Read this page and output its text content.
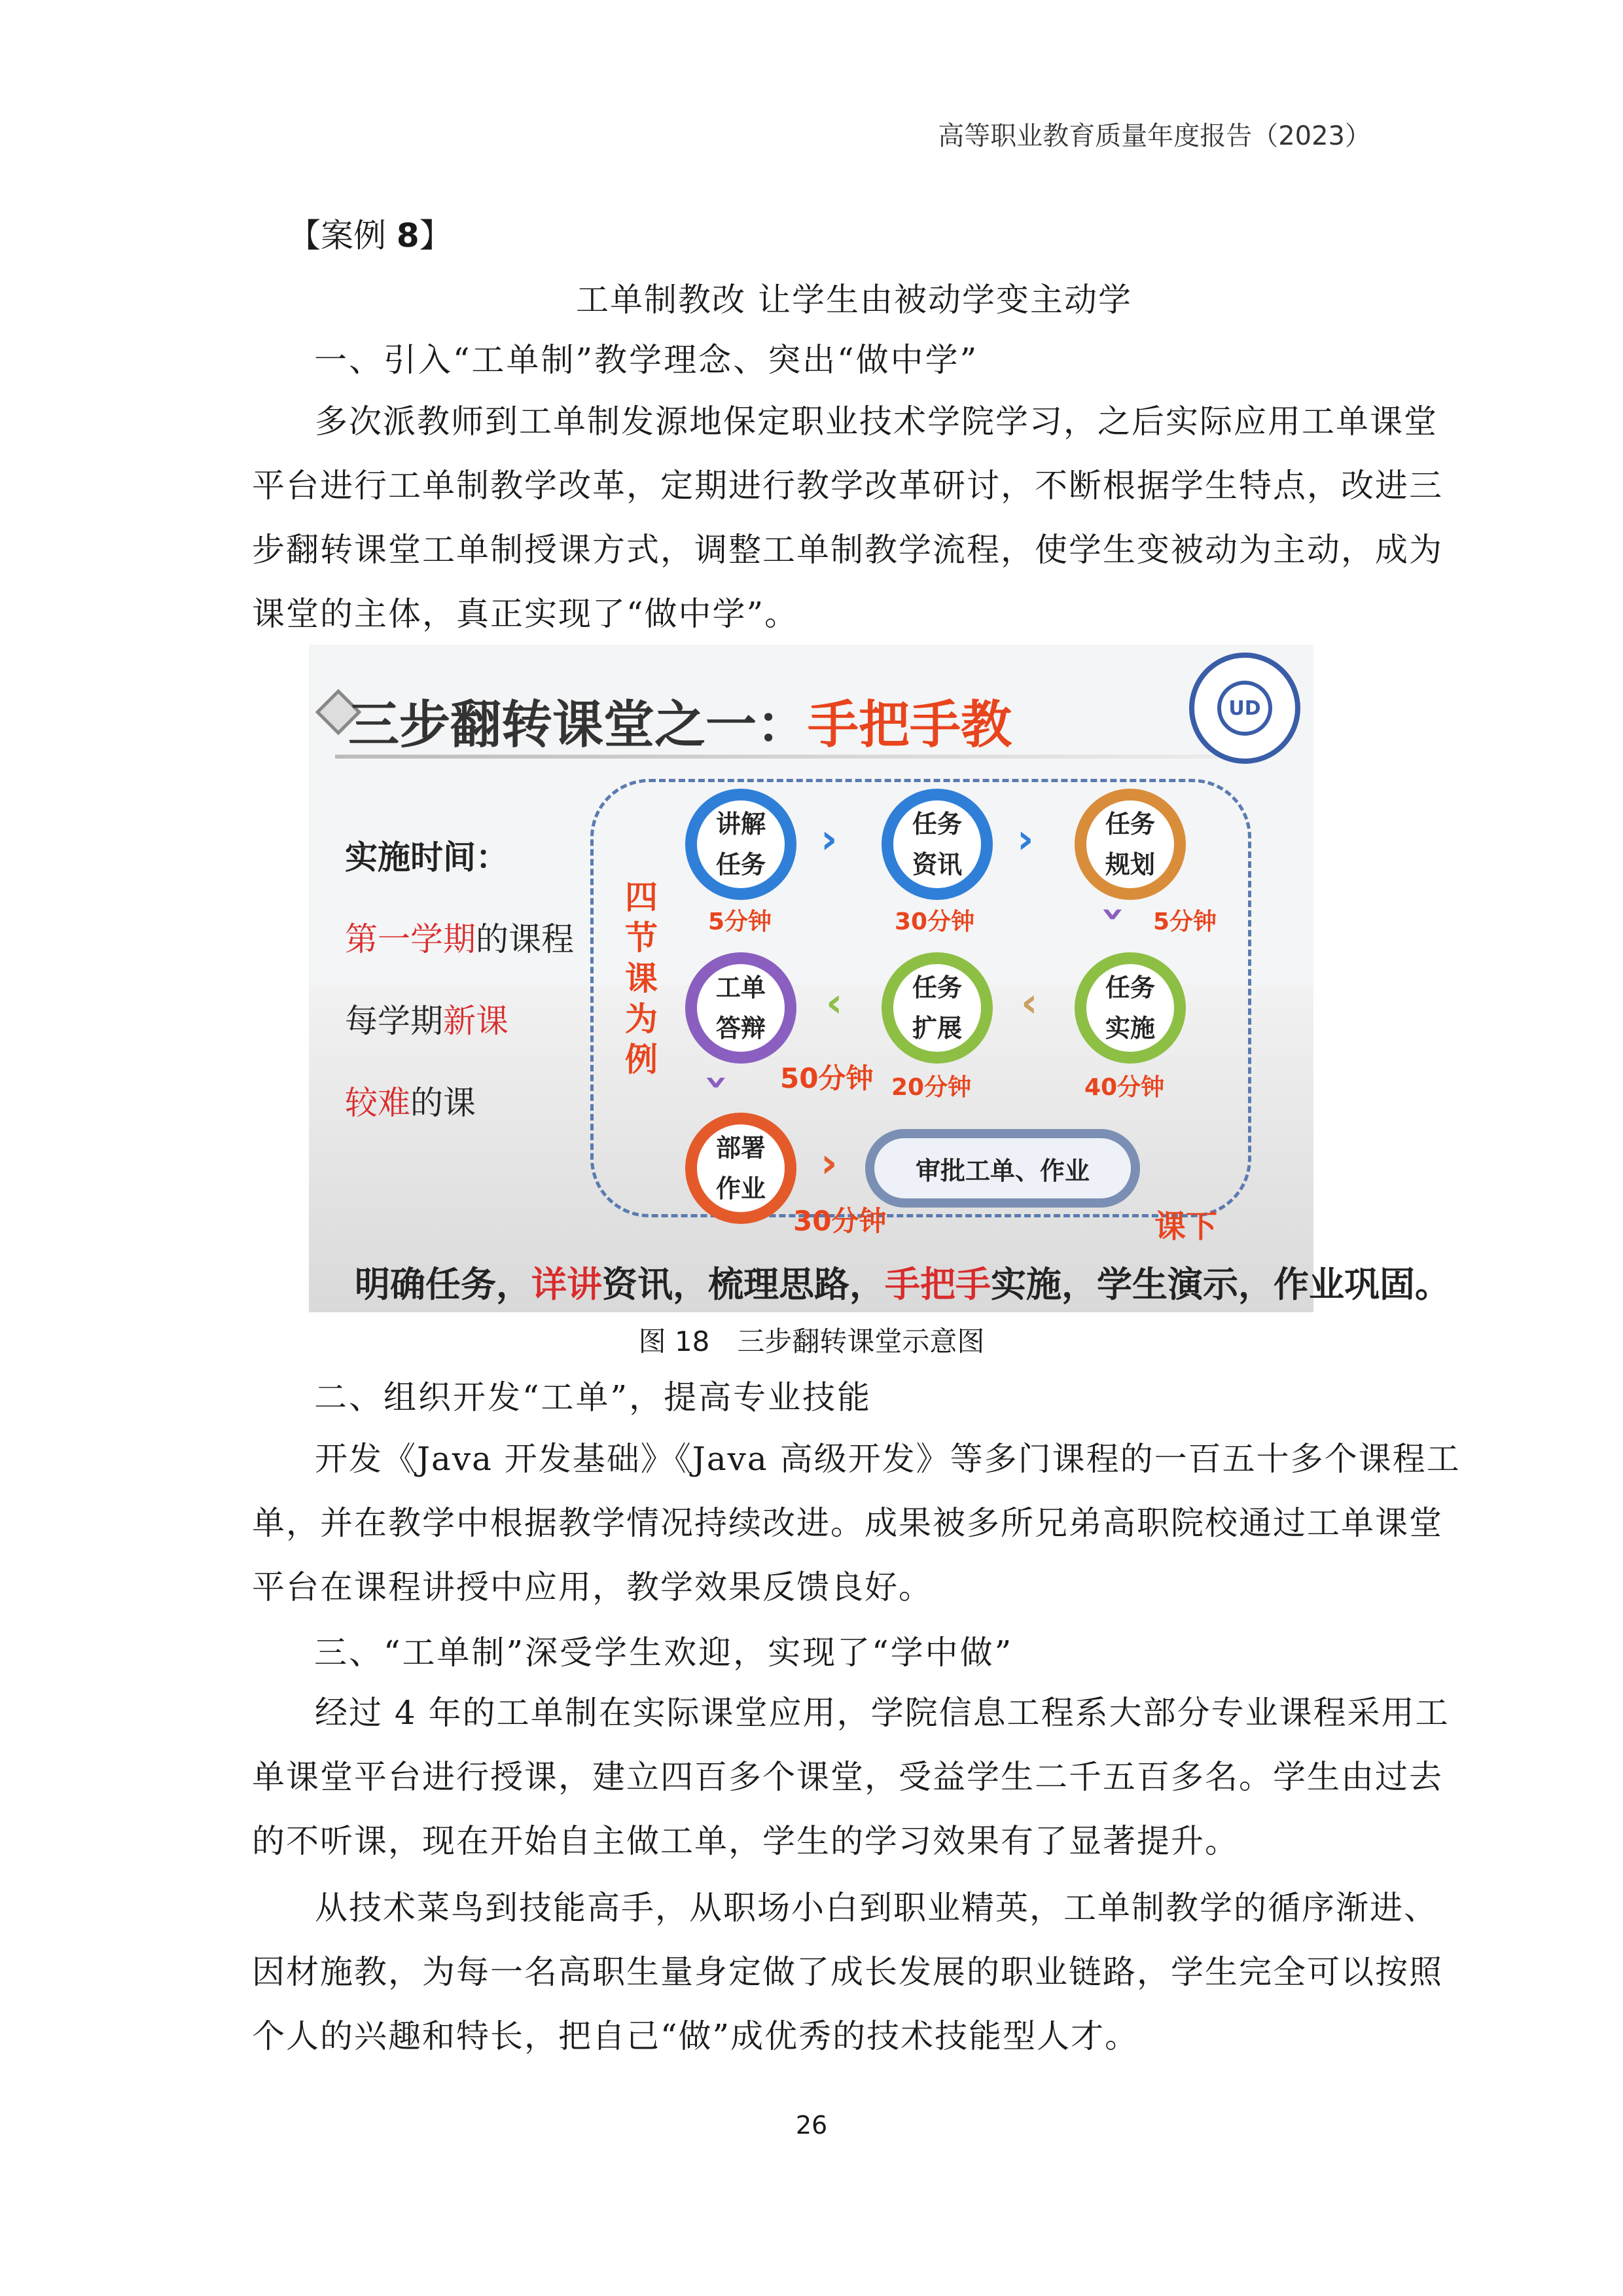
高等职业教育质量年度报告（2023）
【案例 8】
工单制教改 让学生由被动学变主动学
一、引入“工单制”教学理念、突出“做中学”
多次派教师到工单制发源地保定职业技术学院学习，之后实际应用工单课堂
平台进行工单制教学改革，定期进行教学改革研讨，不断根据学生特点，改进三
步翻转课堂工单制授课方式，调整工单制教学流程，使学生变被动为主动，成为
课堂的主体，真正实现了“做中学”。
三步翻转课堂之一：手把手教	UD
实施时间：
第一学期的课程
每学期新课
较难的课
四
节
课
为
例
讲解
任务
5分钟
›	任务
资讯
30分钟
›	任务
规划
› 5分钟
任务
实施
40分钟
‹
任务
扩展
20分钟
‹
工单
答辩
› 50分钟
部署
作业
30分钟
›	审批工单、作业
课下
明确任务，详讲资讯，梳理思路，手把手实施，学生演示，作业巩固。
图 18　三步翻转课堂示意图
二、组织开发“工单”，提高专业技能
开发《Java 开发基础》《Java 高级开发》等多门课程的一百五十多个课程工
单，并在教学中根据教学情况持续改进。成果被多所兄弟高职院校通过工单课堂
平台在课程讲授中应用，教学效果反馈良好。
三、“工单制”深受学生欢迎，实现了“学中做”
经过 4 年的工单制在实际课堂应用，学院信息工程系大部分专业课程采用工
单课堂平台进行授课，建立四百多个课堂，受益学生二千五百多名。学生由过去
的不听课，现在开始自主做工单，学生的学习效果有了显著提升。
从技术菜鸟到技能高手，从职场小白到职业精英，工单制教学的循序渐进、
因材施教，为每一名高职生量身定做了成长发展的职业链路，学生完全可以按照
个人的兴趣和特长，把自己“做”成优秀的技术技能型人才。
26
